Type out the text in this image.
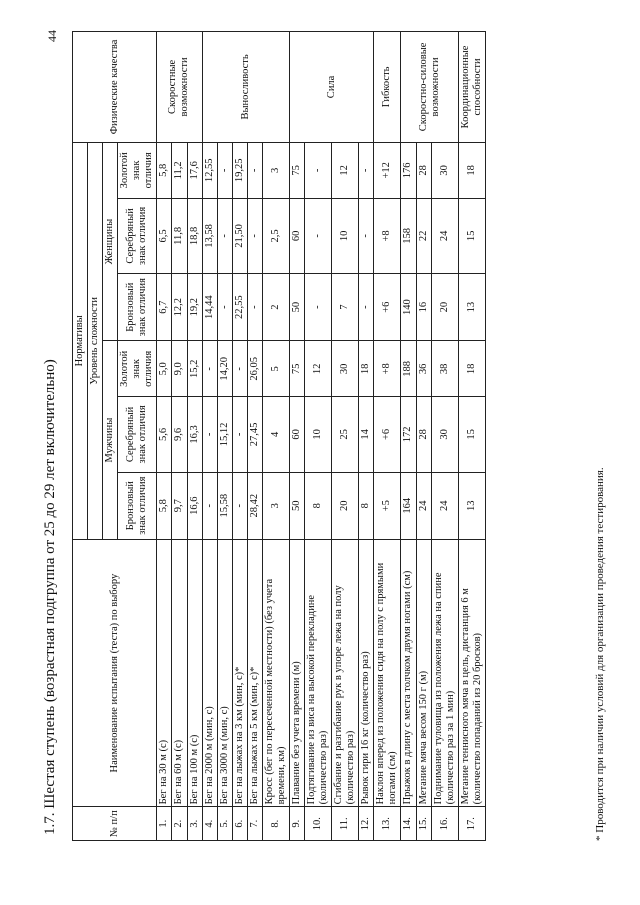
1.7. Шестая ступень (возрастная подгруппа от 25 до 29 лет включительно)
44
№ п/п	Наименование испытания (теста) по выбору	Нормативы						Физические качества
		Уровень сложности						
		Мужчины			Женщины			
		Бронзовый знак отличия	Серебряный знак отличия	Золотой знак отличия	Бронзовый знак отличия	Серебряный знак отличия	Золотой знак отличия	
1.	Бег на 30 м (с)	5,8	5,6	5,0	6,7	6,5	5,8	Скоростные возможности
2.	Бег на 60 м (с)	9,7	9,6	9,0	12,2	11,8	11,2	
3.	Бег на 100 м (с)	16,6	16,3	15,2	19,2	18,8	17,6	
4.	Бег на 2000 м (мин, с)	-	-	-	14,44	13,58	12,55	Выносливость
5.	Бег на 3000 м (мин, с)	15,58	15,12	14,20	-	-	-	
6.	Бег на лыжах на 3 км (мин, с)*	-	-	-	22,55	21,50	19,25	
7.	Бег на лыжах на 5 км (мин, с)*	28,42	27,45	26,05	-	-	-	
8.	Кросс (бег по пересеченной местности) (без учета времени, км)	3	4	5	2	2,5	3	
9.	Плавание без учета времени (м)	50	60	75	50	60	75	Сила
10.	Подтягивание из виса на высокой перекладине (количество раз)	8	10	12	-	-	-	
11.	Сгибание и разгибание рук в упоре лежа на полу (количество раз)	20	25	30	7	10	12	
12.	Рывок гири 16 кг (количество раз)	8	14	18	-	-	-	
13.	Наклон вперед из положения сидя на полу с прямыми ногами (см)	+5	+6	+8	+6	+8	+12	Гибкость
14.	Прыжок в длину с места толчком двумя ногами (см)	164	172	188	140	158	176	Скоростно-силовые возможности
15.	Метание мяча весом 150 г (м)	24	28	36	16	22	28	
16.	Поднимание туловища из положения лежа на спине (количество раз за 1 мин)	24	30	38	20	24	30	
17.	Метание теннисного мяча в цель, дистанция 6 м (количество попаданий из 20 бросков)	13	15	18	13	15	18	Координационные способности
* Проводится при наличии условий для организации проведения тестирования.
